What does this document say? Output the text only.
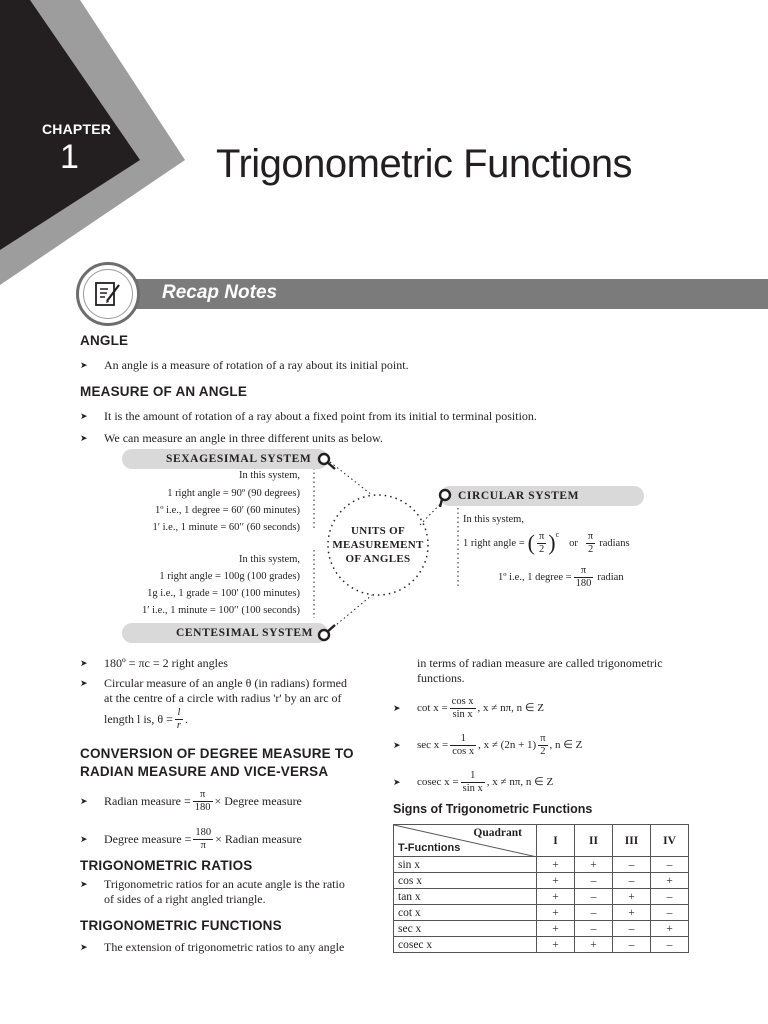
CHAPTER
1	Trigonometric Functions
Recap Notes
ANGLE
➤	An angle is a measure of rotation of a ray about its initial point.
MEASURE OF AN ANGLE
➤	It is the amount of rotation of a ray about a fixed point from its initial to terminal position.
➤	We can measure an angle in three different units as below.
SEXAGESIMAL SYSTEM
In this system,
1 right angle = 90º (90 degrees)
1º i.e., 1 degree = 60′ (60 minutes)
1′ i.e., 1 minute = 60′′ (60 seconds)
In this system,
1 right angle = 100g (100 grades)
1g i.e., 1 grade = 100′ (100 minutes)
1′ i.e., 1 minute = 100′′ (100 seconds)
CENTESIMAL SYSTEM
UNITS OF
MEASUREMENT
OF ANGLES
CIRCULAR SYSTEM
In this system,
1 right angle = ( $\frac{\pi}{2} )^c$
or $\frac{\pi}{2}$ radians
1º i.e., 1 degree = $\frac{\pi}{180}$ radian
➤	180º = πc = 2 right angles
➤	Circular measure of an angle θ (in radians) formed
at the centre of a circle with radius 'r' by an arc of
length l is, $\theta = \frac{l}{r}$ .
CONVERSION OF DEGREE MEASURE TO
RADIAN MEASURE AND VICE-VERSA
➤ Radian measure = $\frac{\pi}{180}$ × Degree measure
➤ Degree measure = $\frac{180}{\pi}$ × Radian measure
TRIGONOMETRIC RATIOS
➤	Trigonometric ratios for an acute angle is the ratio
of sides of a right angled triangle.
TRIGONOMETRIC FUNCTIONS
➤	The extension of trigonometric ratios to any angle
in terms of radian measure are called trigonometric
functions.
➤ $\cot x = \frac{\text{cos x}}{\text{sin x}}$ , x ≠ nπ, n ∈ Z
➤ $\sec x = \frac{1}{\text{cos x}}$ , $x \ne (2n + 1) \frac{\pi}{2}$ , n ∈ Z
➤ cosec $x = \frac{1}{\text{sin x}}$ , x ≠ nπ, n ∈ Z
Signs of Trigonometric Functions
Quadrant
T-Fucntions	I	II	III	IV
sin x	+	+	–	–
cos x	+	–	–	+
tan x	+	–	+	–
cot x	+	–	+	–
sec x	+	–	–	+
cosec x	+	+	–	–
